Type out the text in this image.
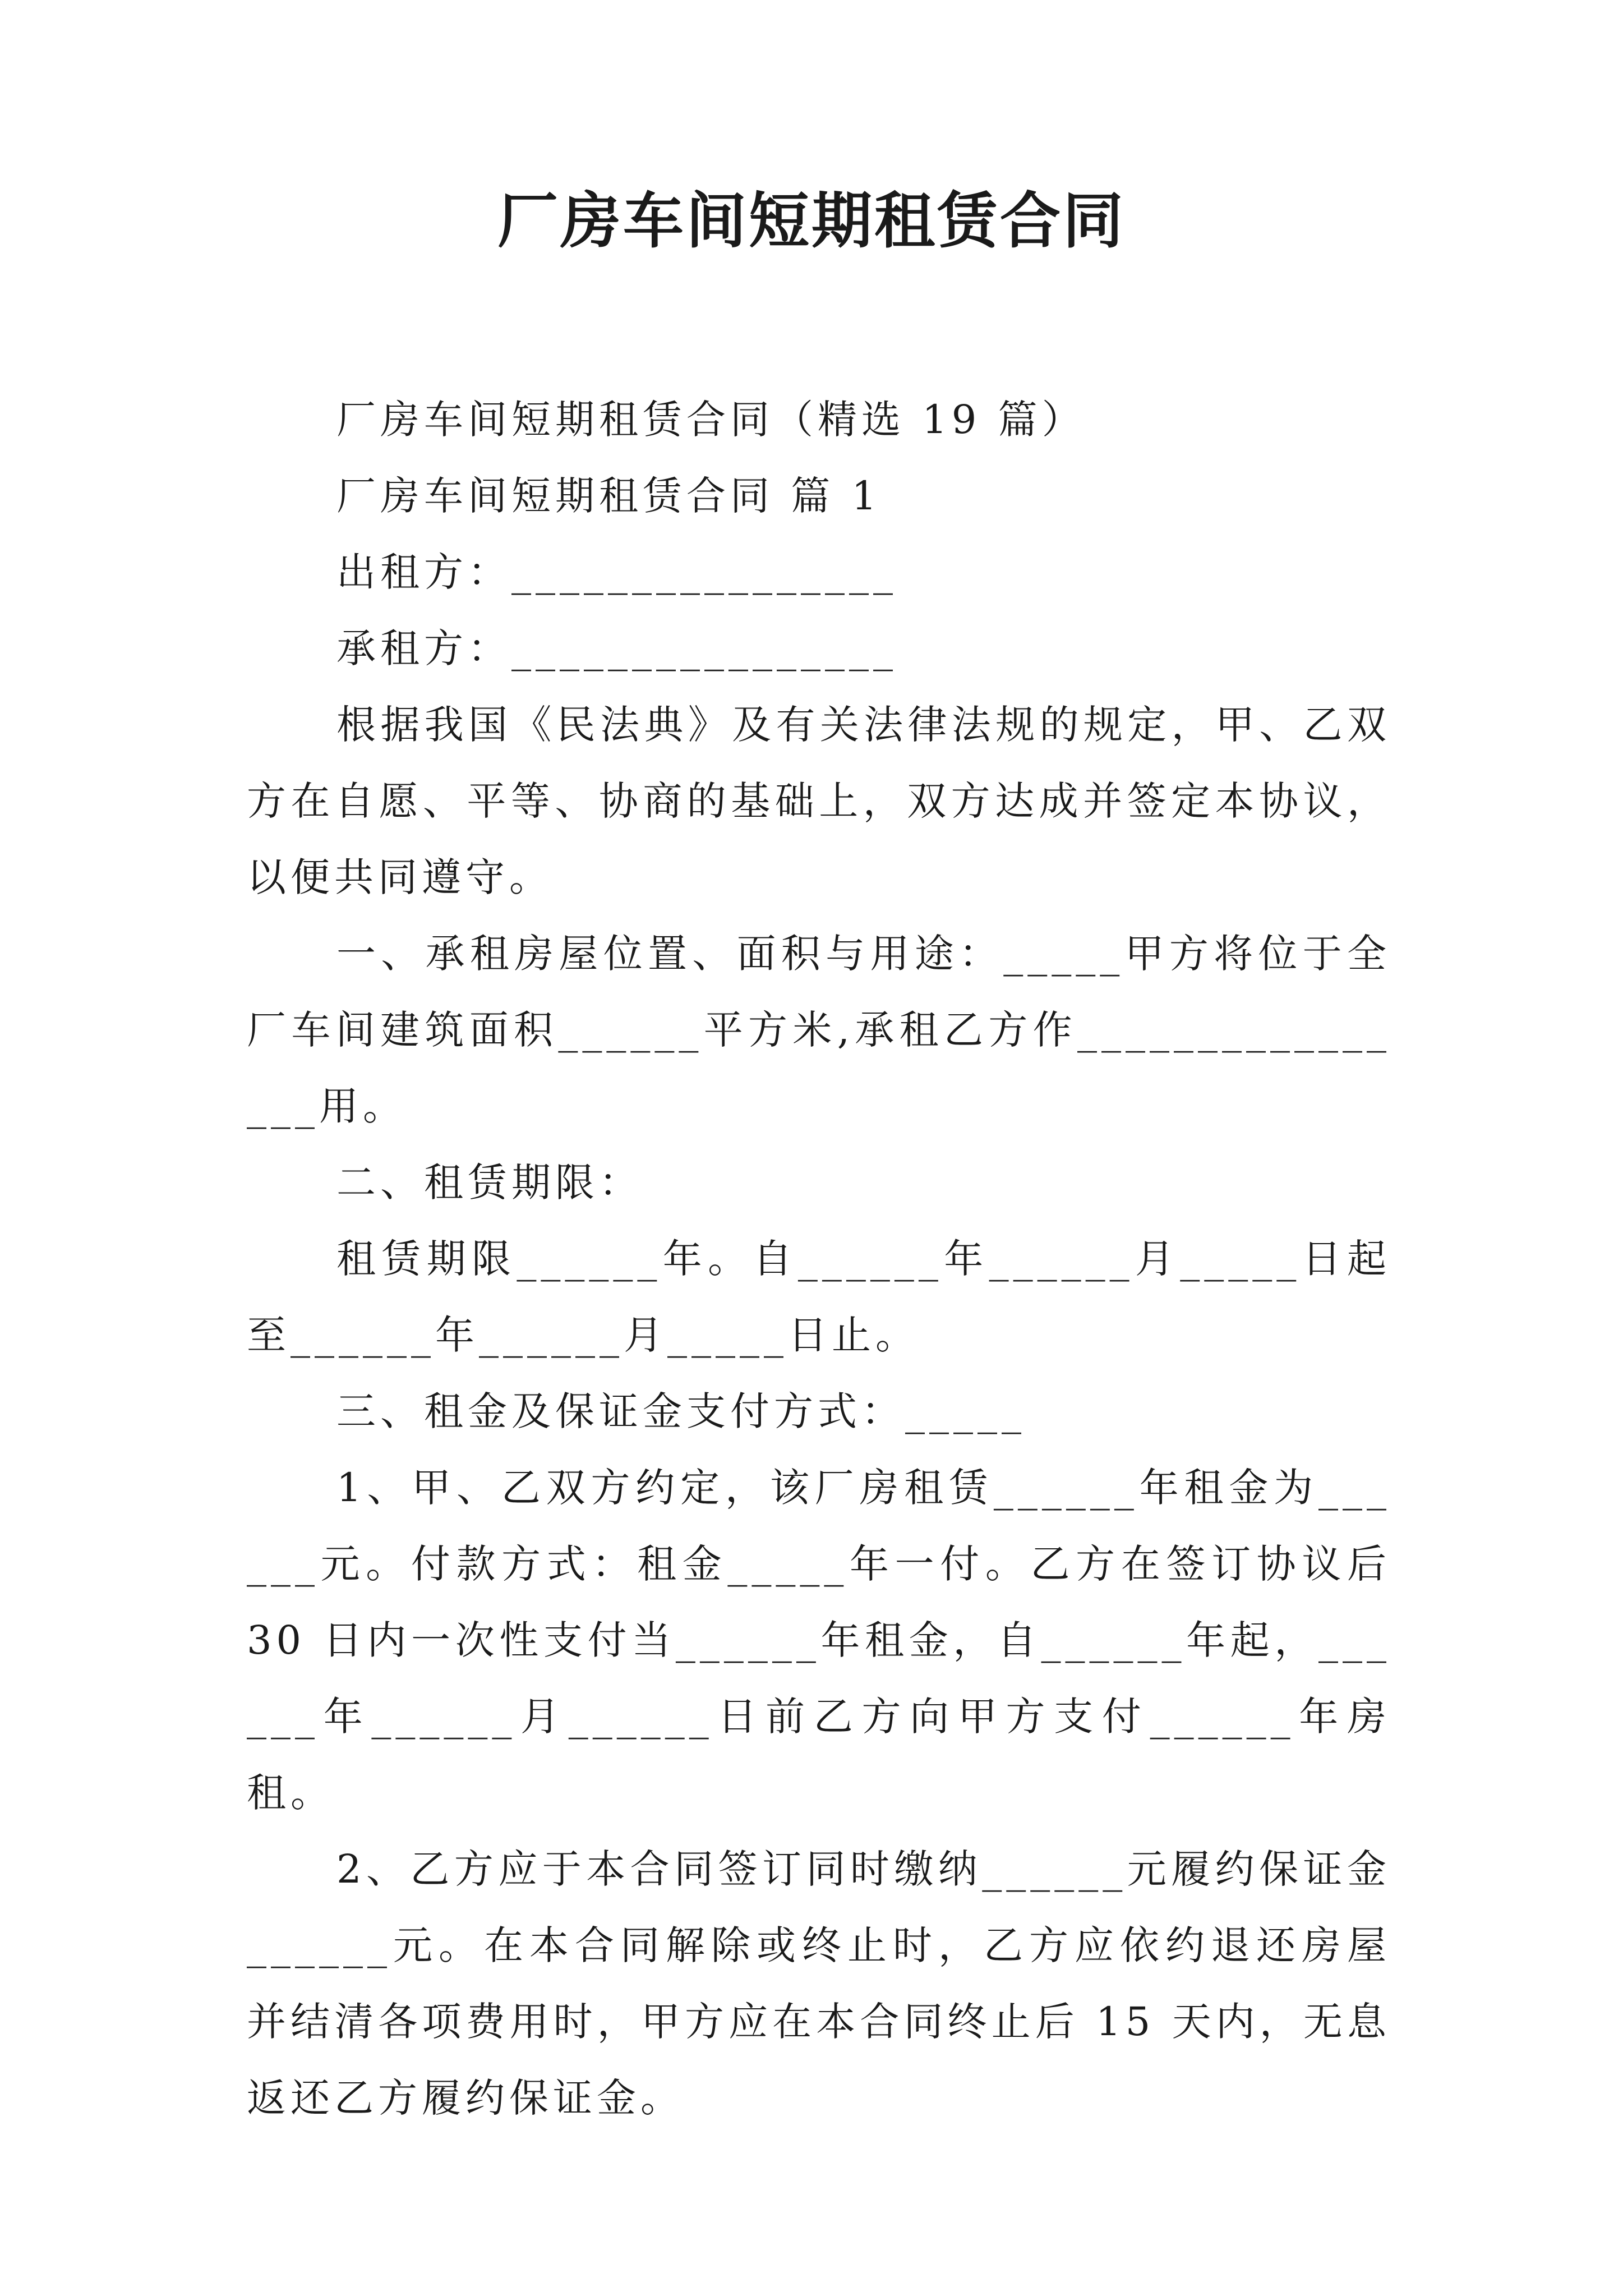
厂房车间短期租赁合同

厂房车间短期租赁合同（精选 19 篇）

厂房车间短期租赁合同 篇 1

出租方：________________

承租方：________________

根据我国《民法典》及有关法律法规的规定，甲、乙双方在自愿、平等、协商的基础上，双方达成并签定本协议，以便共同遵守。

一、承租房屋位置、面积与用途：_____甲方将位于全厂车间建筑面积______平方米,承租乙方作________________用。

二、租赁期限：

租赁期限______年。自______年______月_____日起至______年______月_____日止。

三、租金及保证金支付方式：_____

1、甲、乙双方约定，该厂房租赁______年租金为______元。付款方式：租金_____年一付。乙方在签订协议后 30 日内一次性支付当______年租金，自______年起，______年______月______日前乙方向甲方支付______年房租。

2、乙方应于本合同签订同时缴纳______元履约保证金______元。在本合同解除或终止时，乙方应依约退还房屋并结清各项费用时，甲方应在本合同终止后 15 天内，无息返还乙方履约保证金。
